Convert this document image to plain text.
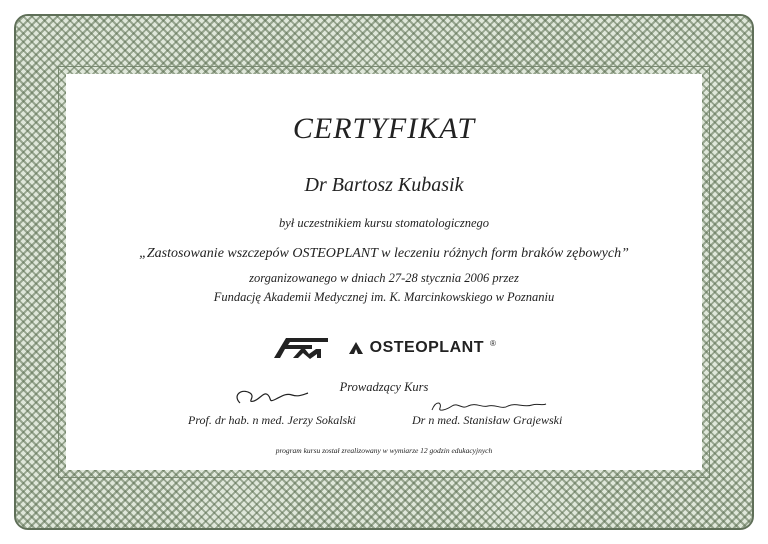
CERTYFIKAT
Dr Bartosz Kubasik
był uczestnikiem kursu stomatologicznego
„Zastosowanie wszczepów OSTEOPLANT w leczeniu różnych form braków zębowych”
zorganizowanego w dniach 27-28 stycznia 2006 przez
Fundację Akademii Medycznej im. K. Marcinkowskiego w Poznaniu
OSTEOPLANT ®
Prowadzący Kurs
Prof. dr hab. n med. Jerzy Sokalski	Dr n med. Stanisław Grajewski
program kursu został zrealizowany w wymiarze 12 godzin edukacyjnych
